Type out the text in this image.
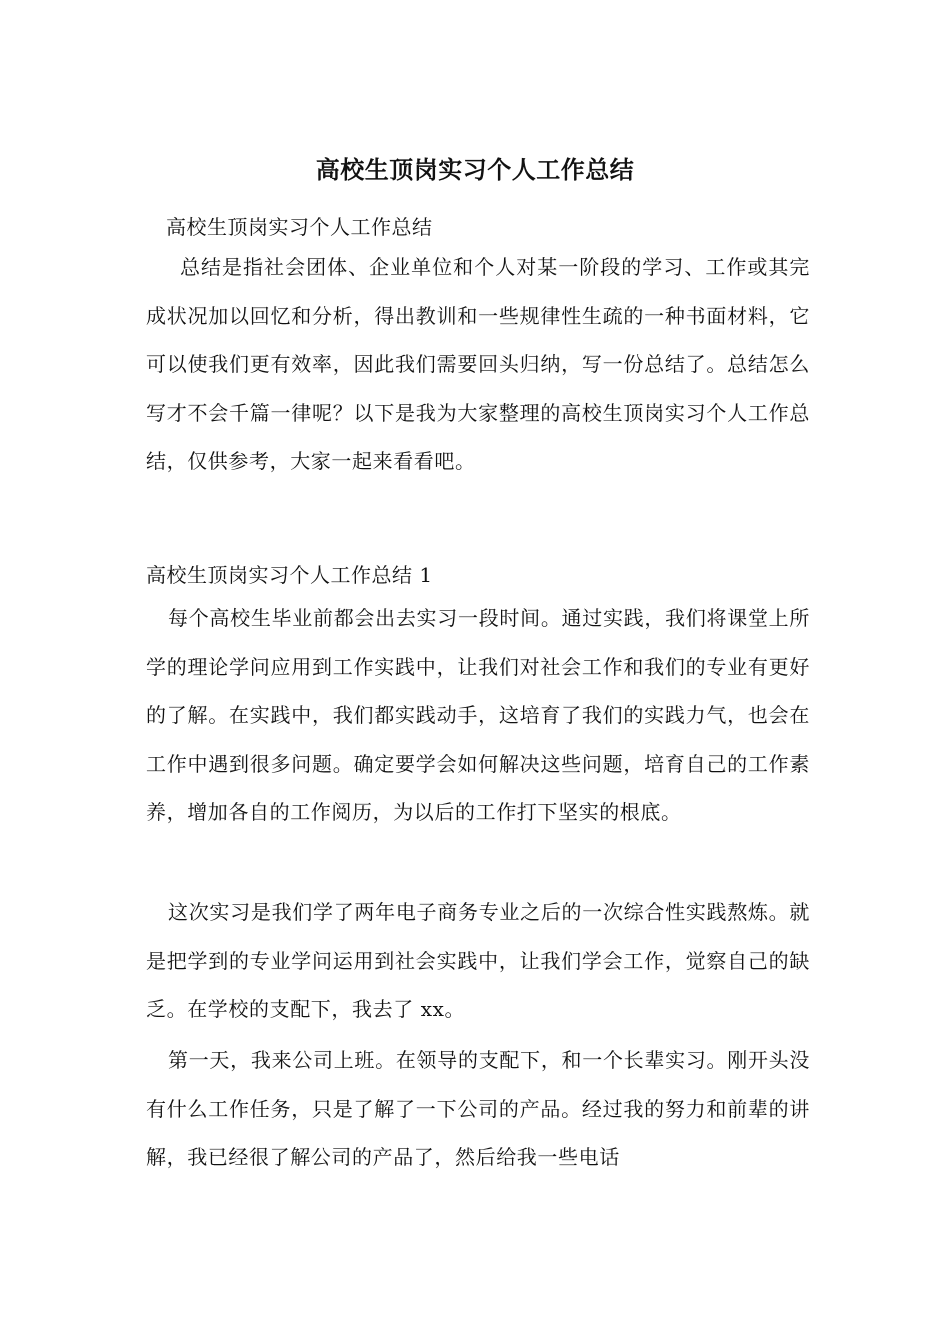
高校生顶岗实习个人工作总结
高校生顶岗实习个人工作总结

总结是指社会团体、企业单位和个人对某一阶段的学习、工作或其完成状况加以回忆和分析，得出教训和一些规律性生疏的一种书面材料，它可以使我们更有效率，因此我们需要回头归纳，写一份总结了。总结怎么写才不会千篇一律呢？以下是我为大家整理的高校生顶岗实习个人工作总结，仅供参考，大家一起来看看吧。

高校生顶岗实习个人工作总结 1

每个高校生毕业前都会出去实习一段时间。通过实践，我们将课堂上所学的理论学问应用到工作实践中，让我们对社会工作和我们的专业有更好的了解。在实践中，我们都实践动手，这培育了我们的实践力气，也会在工作中遇到很多问题。确定要学会如何解决这些问题，培育自己的工作素养，增加各自的工作阅历，为以后的工作打下坚实的根底。

这次实习是我们学了两年电子商务专业之后的一次综合性实践熬炼。就是把学到的专业学问运用到社会实践中，让我们学会工作，觉察自己的缺乏。在学校的支配下，我去了 xx。

第一天，我来公司上班。在领导的支配下，和一个长辈实习。刚开头没有什么工作任务，只是了解了一下公司的产品。经过我的努力和前辈的讲解，我已经很了解公司的产品了，然后给我一些电话
